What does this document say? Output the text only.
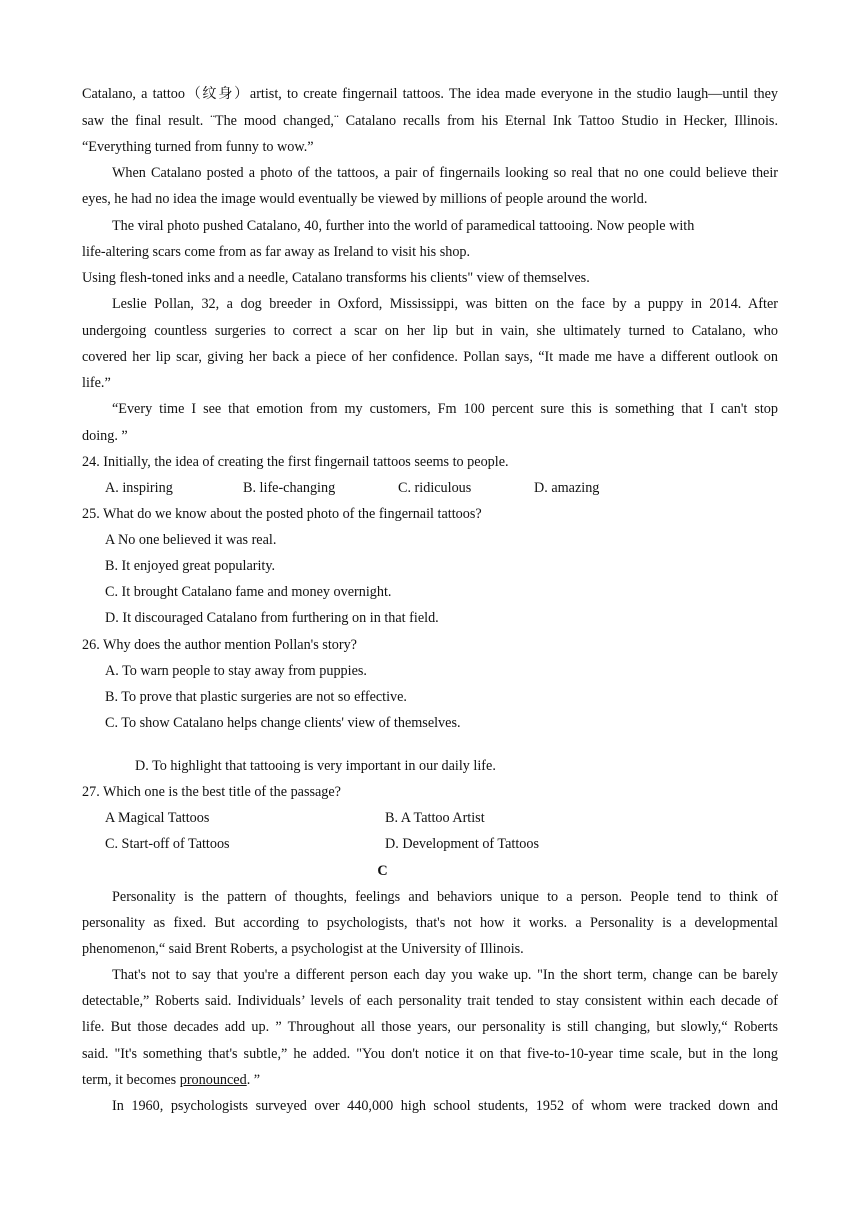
Catalano, a tattoo（纹身）artist, to create fingernail tattoos. The idea made everyone in the studio laugh—until they
saw the final result. ¨The mood changed,¨ Catalano recalls from his Eternal Ink Tattoo Studio in Hecker, Illinois.
“Everything turned from funny to wow.”
When Catalano posted a photo of the tattoos, a pair of fingernails looking so real that no one could believe their
eyes, he had no idea the image would eventually be viewed by millions of people around the world.
The viral photo pushed Catalano, 40, further into the world of paramedical tattooing. Now people with
life-altering scars come from as far away as Ireland to visit his shop.
Using flesh-toned inks and a needle, Catalano transforms his clients" view of themselves.
Leslie Pollan, 32, a dog breeder in Oxford, Mississippi, was bitten on the face by a puppy in 2014. After
undergoing countless surgeries to correct a scar on her lip but in vain, she ultimately turned to Catalano, who
covered her lip scar, giving her back a piece of her confidence. Pollan says, “It made me have a different outlook on
life.”
“Every time I see that emotion from my customers, Fm 100 percent sure this is something that I can't stop
doing. ”
24. Initially, the idea of creating the first fingernail tattoos seems to people.
A. inspiring	B. life-changing	C. ridiculous	D. amazing
25. What do we know about the posted photo of the fingernail tattoos?
A No one believed it was real.
B. It enjoyed great popularity.
C. It brought Catalano fame and money overnight.
D. It discouraged Catalano from furthering on in that field.
26. Why does the author mention Pollan's story?
A. To warn people to stay away from puppies.
B. To prove that plastic surgeries are not so effective.
C. To show Catalano helps change clients' view of themselves.
D. To highlight that tattooing is very important in our daily life.
27. Which one is the best title of the passage?
A Magical Tattoos	B. A Tattoo Artist
C. Start-off of Tattoos	D. Development of Tattoos
C
Personality is the pattern of thoughts, feelings and behaviors unique to a person. People tend to think of
personality as fixed. But according to psychologists, that's not how it works. a Personality is a developmental
phenomenon,“ said Brent Roberts, a psychologist at the University of Illinois.
That's not to say that you're a different person each day you wake up. "In the short term, change can be barely
detectable,” Roberts said. Individuals’ levels of each personality trait tended to stay consistent within each decade of
life. But those decades add up. ” Throughout all those years, our personality is still changing, but slowly,“ Roberts
said. "It's something that's subtle,” he added. "You don't notice it on that five-to-10-year time scale, but in the long
term, it becomes pronounced. ”
In 1960, psychologists surveyed over 440,000 high school students, 1952 of whom were tracked down and
